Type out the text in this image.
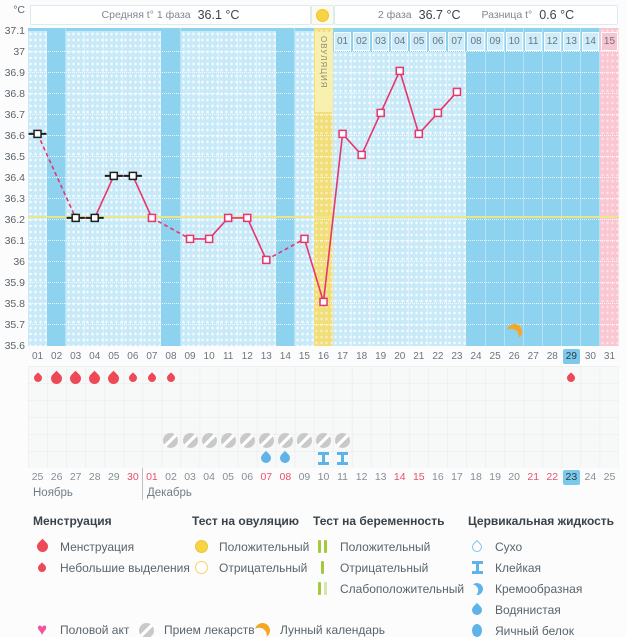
°C	Средняя t° 1 фаза 36.1 °C	2 фаза 36.7 °C Разница t° 0.6 °C
37.1
37
36.9
36.8
36.7
36.6
36.5
36.4
36.3
36.2
36.1
36
35.9
35.8
35.7
35.6
ОВУЛЯЦИЯ 01 02 03 04 05 06 07 08 09 10 11 12 13 14 15
01 02 03 04 05 06 07 08 09 10 11 12 13 14 15 16 17 18 19 20 21 22 23 24 25 26 27 28 29 30 31
25 26 27 28 29 30 01 02 03 04 05 06 07 08 09 10 11 12 13 14 15 16 17 18 19 20 21 22 23 24 25
Ноябрь	Декабрь
Менструация
Менструация
Небольшие выделения
Тест на овуляцию
Положительный
Отрицательный
Тест на беременность
Положительный
Отрицательный
Слабоположительный
Цервикальная жидкость
Сухо
Клейкая
Кремообразная
Водянистая
Яичный белок
♥ Половой акт	Прием лекарств Лунный календарь
